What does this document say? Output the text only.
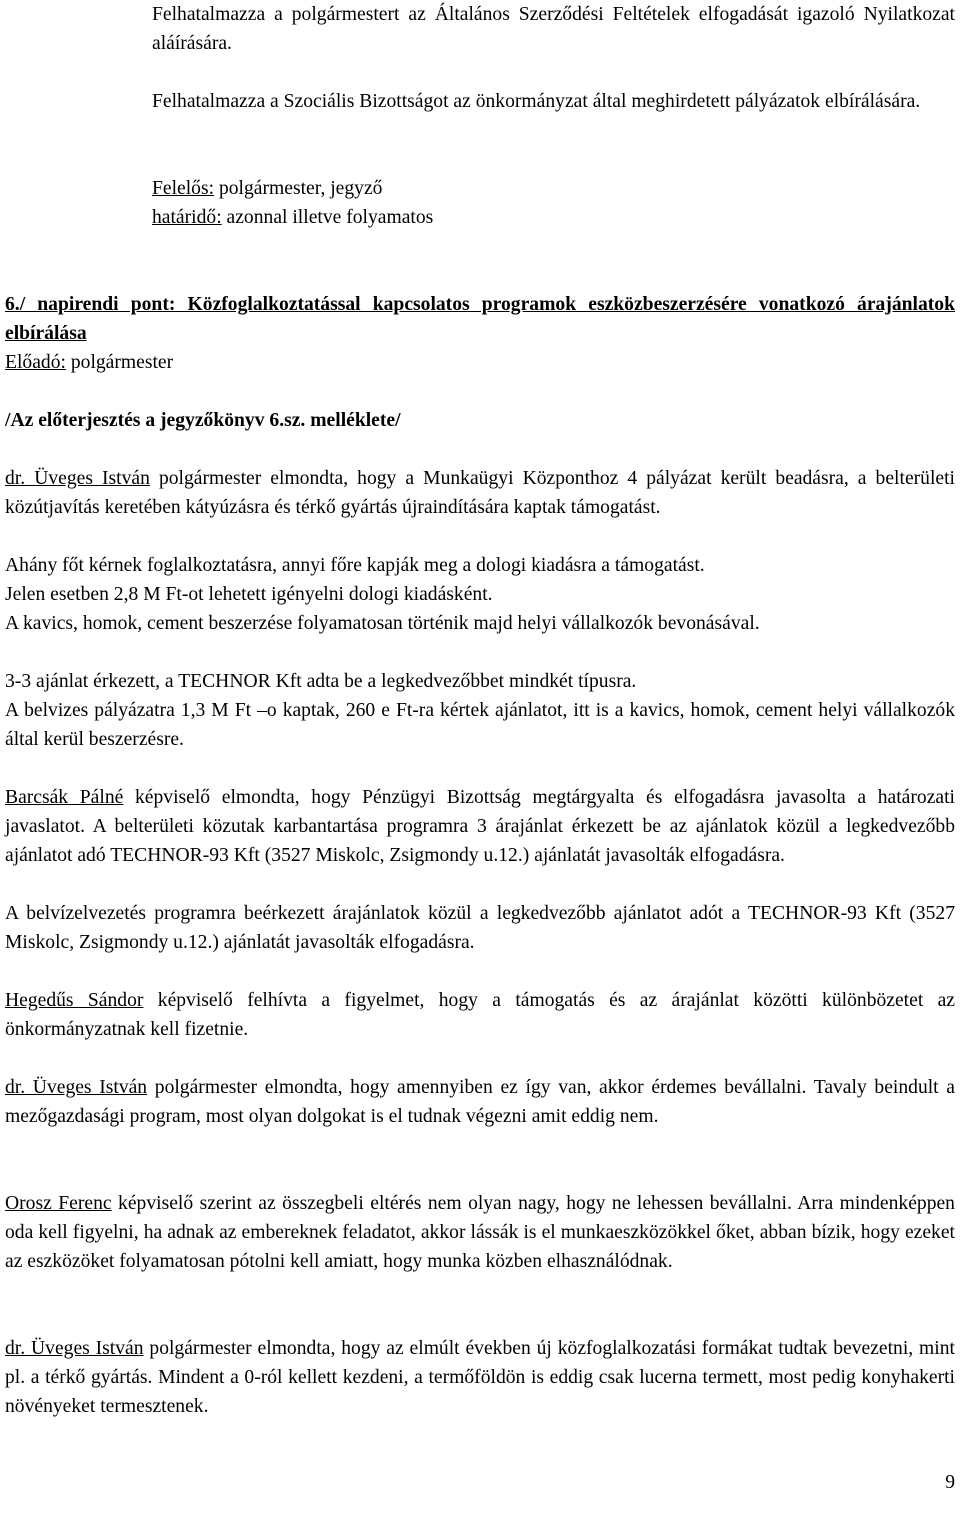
Felhatalmazza a polgármestert az Általános Szerződési Feltételek elfogadását igazoló Nyilatkozat aláírására.

Felhatalmazza a Szociális Bizottságot az önkormányzat által meghirdetett pályázatok elbírálására.

Felelős: polgármester, jegyző

határidő: azonnal illetve folyamatos

6./ napirendi pont: Közfoglalkoztatással kapcsolatos programok eszközbeszerzésére vonatkozó árajánlatok elbírálása

Előadó: polgármester

/Az előterjesztés a jegyzőkönyv 6.sz. melléklete/

dr. Üveges István polgármester elmondta, hogy a Munkaügyi Központhoz 4 pályázat került beadásra, a belterületi közútjavítás keretében kátyúzásra és térkő gyártás újraindítására kaptak támogatást.

Ahány főt kérnek foglalkoztatásra, annyi főre kapják meg a dologi kiadásra a támogatást.

Jelen esetben 2,8 M Ft-ot lehetett igényelni dologi kiadásként.

A kavics, homok, cement beszerzése folyamatosan történik majd helyi vállalkozók bevonásával.

3-3 ajánlat érkezett, a TECHNOR Kft adta be a legkedvezőbbet mindkét típusra.

A belvizes pályázatra 1,3 M Ft –o kaptak, 260 e Ft-ra kértek ajánlatot, itt is a kavics, homok, cement helyi vállalkozók által kerül beszerzésre.

Barcsák Pálné képviselő elmondta, hogy Pénzügyi Bizottság megtárgyalta és elfogadásra javasolta a határozati javaslatot. A belterületi közutak karbantartása programra 3 árajánlat érkezett be az ajánlatok közül a legkedvezőbb ajánlatot adó TECHNOR-93 Kft (3527 Miskolc, Zsigmondy u.12.) ajánlatát javasolták elfogadásra.

A belvízelvezetés programra beérkezett árajánlatok közül a legkedvezőbb ajánlatot adót a TECHNOR-93 Kft (3527 Miskolc, Zsigmondy u.12.) ajánlatát javasolták elfogadásra.

Hegedűs Sándor képviselő felhívta a figyelmet, hogy a támogatás és az árajánlat közötti különbözetet az önkormányzatnak kell fizetnie.

dr. Üveges István polgármester elmondta, hogy amennyiben ez így van, akkor érdemes bevállalni. Tavaly beindult a mezőgazdasági program, most olyan dolgokat is el tudnak végezni amit eddig nem.

Orosz Ferenc képviselő szerint az összegbeli eltérés nem olyan nagy, hogy ne lehessen bevállalni. Arra mindenképpen oda kell figyelni, ha adnak az embereknek feladatot, akkor lássák is el munkaeszközökkel őket, abban bízik, hogy ezeket az eszközöket folyamatosan pótolni kell amiatt, hogy munka közben elhasználódnak.

dr. Üveges István polgármester elmondta, hogy az elmúlt években új közfoglalkozatási formákat tudtak bevezetni, mint pl. a térkő gyártás. Mindent a 0-ról kellett kezdeni, a termőföldön is eddig csak lucerna termett, most pedig konyhakerti növényeket termesztenek.

9
